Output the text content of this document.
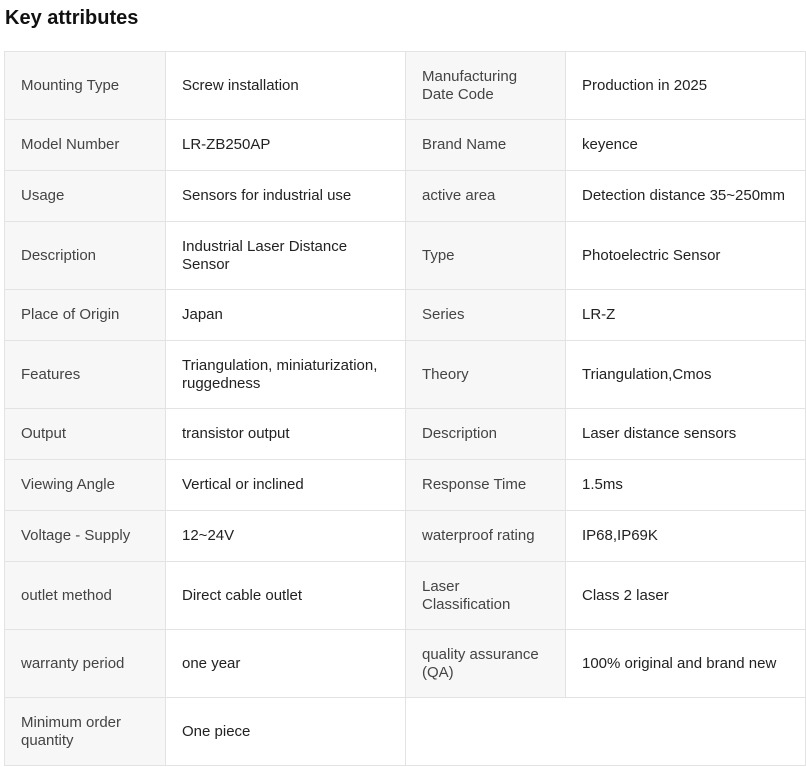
Key attributes
Mounting Type	Screw installation	Manufacturing Date Code	Production in 2025
Model Number	LR-ZB250AP	Brand Name	keyence
Usage	Sensors for industrial use	active area	Detection distance 35~250mm
Description	Industrial Laser Distance Sensor	Type	Photoelectric Sensor
Place of Origin	Japan	Series	LR-Z
Features	Triangulation, miniaturization, ruggedness	Theory	Triangulation,Cmos
Output	transistor output	Description	Laser distance sensors
Viewing Angle	Vertical or inclined	Response Time	1.5ms
Voltage - Supply	12~24V	waterproof rating	IP68,IP69K
outlet method	Direct cable outlet	Laser Classification	Class 2 laser
warranty period	one year	quality assurance (QA)	100% original and brand new
Minimum order quantity	One piece		
